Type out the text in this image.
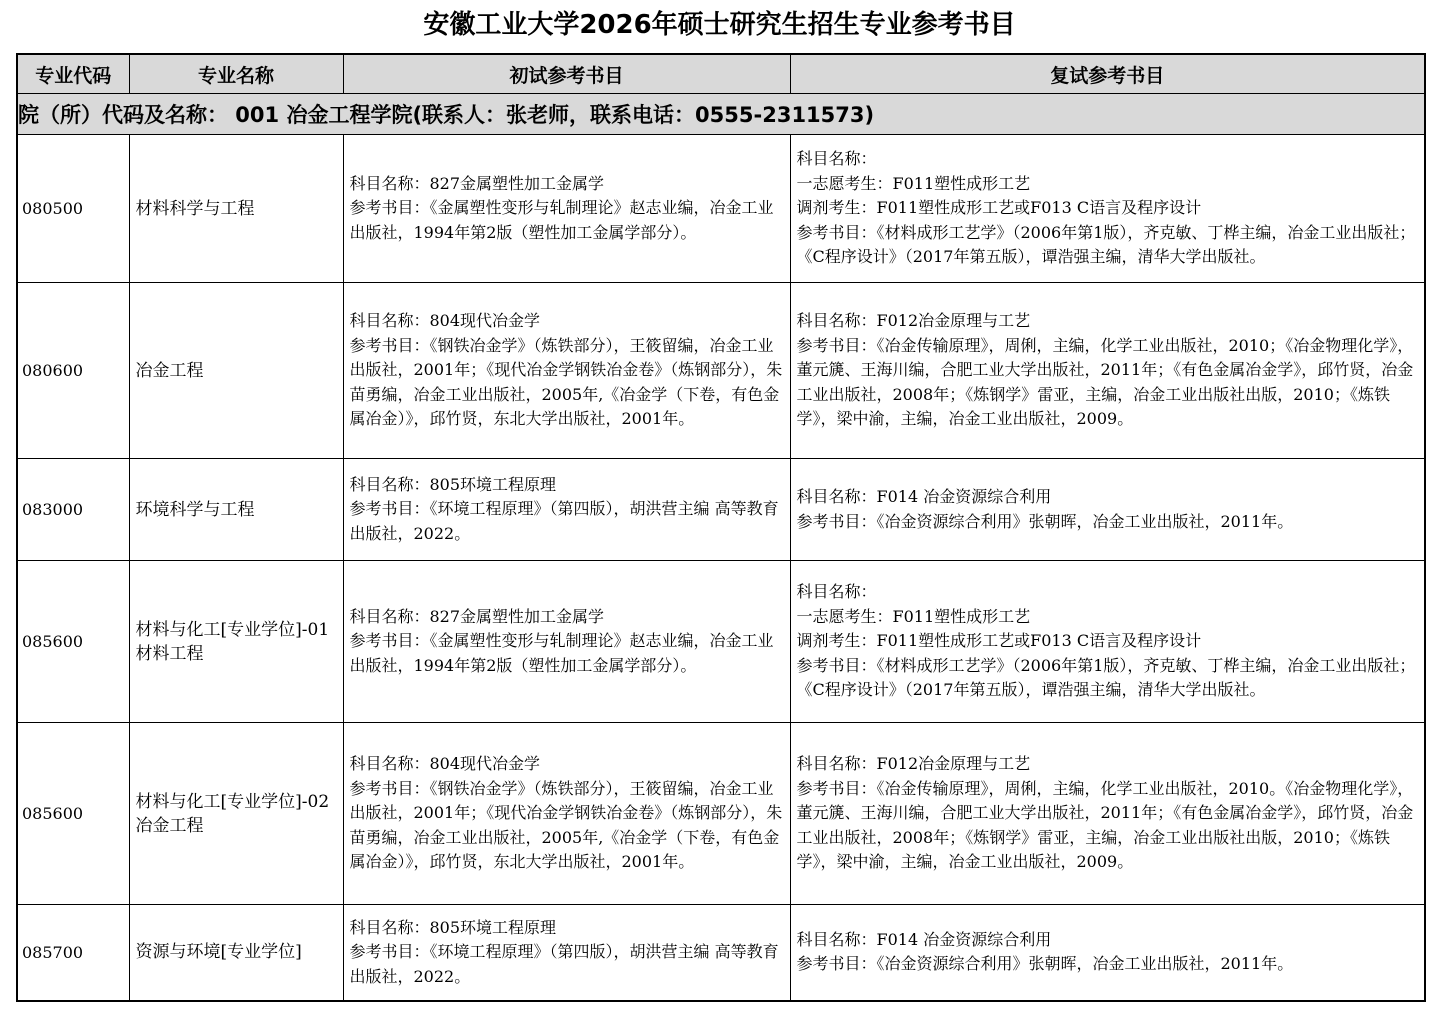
安徽工业大学2026年硕士研究生招生专业参考书目
专业代码	专业名称	初试参考书目	复试参考书目
院（所）代码及名称： 001 冶金工程学院(联系人：张老师，联系电话：0555-2311573)			
080500	材料科学与工程	科目名称：827金属塑性加工金属学
参考书目：《金属塑性变形与轧制理论》赵志业编，冶金工业出版社，1994年第2版（塑性加工金属学部分）。	科目名称：
一志愿考生：F011塑性成形工艺
调剂考生：F011塑性成形工艺或F013 C语言及程序设计
参考书目：《材料成形工艺学》（2006年第1版），齐克敏、丁桦主编，冶金工业出版社；《C程序设计》（2017年第五版），谭浩强主编，清华大学出版社。

080600	冶金工程	科目名称：804现代冶金学
参考书目：《钢铁冶金学》（炼铁部分），王筱留编，冶金工业出版社，2001年；《现代冶金学钢铁冶金卷》（炼钢部分），朱苗勇编，冶金工业出版社，2005年,《冶金学（下卷，有色金属冶金）》，邱竹贤，东北大学出版社，2001年。	科目名称：F012冶金原理与工艺
参考书目：《冶金传输原理》，周俐，主编，化学工业出版社，2010；《冶金物理化学》，董元篪、王海川编，合肥工业大学出版社，2011年；《有色金属冶金学》，邱竹贤，冶金工业出版社，2008年；《炼钢学》雷亚，主编，冶金工业出版社出版，2010；《炼铁学》，梁中渝，主编，冶金工业出版社，2009。

083000	环境科学与工程	科目名称：805环境工程原理
参考书目：《环境工程原理》（第四版），胡洪营主编 高等教育出版社，2022。	科目名称：F014 冶金资源综合利用
参考书目：《冶金资源综合利用》张朝晖，冶金工业出版社，2011年。

085600	材料与化工[专业学位]-01材料工程	科目名称：827金属塑性加工金属学
参考书目：《金属塑性变形与轧制理论》赵志业编，冶金工业出版社，1994年第2版（塑性加工金属学部分）。	科目名称：
一志愿考生：F011塑性成形工艺
调剂考生：F011塑性成形工艺或F013 C语言及程序设计
参考书目：《材料成形工艺学》（2006年第1版），齐克敏、丁桦主编，冶金工业出版社；《C程序设计》（2017年第五版），谭浩强主编，清华大学出版社。

085600	材料与化工[专业学位]-02冶金工程	科目名称：804现代冶金学
参考书目：《钢铁冶金学》（炼铁部分），王筱留编，冶金工业出版社，2001年；《现代冶金学钢铁冶金卷》（炼钢部分），朱苗勇编，冶金工业出版社，2005年,《冶金学（下卷，有色金属冶金）》，邱竹贤，东北大学出版社，2001年。	科目名称：F012冶金原理与工艺
参考书目：《冶金传输原理》，周俐，主编，化学工业出版社，2010。《冶金物理化学》，董元篪、王海川编，合肥工业大学出版社，2011年；《有色金属冶金学》，邱竹贤，冶金工业出版社，2008年；《炼钢学》雷亚，主编，冶金工业出版社出版，2010；《炼铁学》，梁中渝，主编，冶金工业出版社，2009。

085700	资源与环境[专业学位]	科目名称：805环境工程原理
参考书目：《环境工程原理》（第四版），胡洪营主编 高等教育出版社，2022。	科目名称：F014 冶金资源综合利用
参考书目：《冶金资源综合利用》张朝晖，冶金工业出版社，2011年。
